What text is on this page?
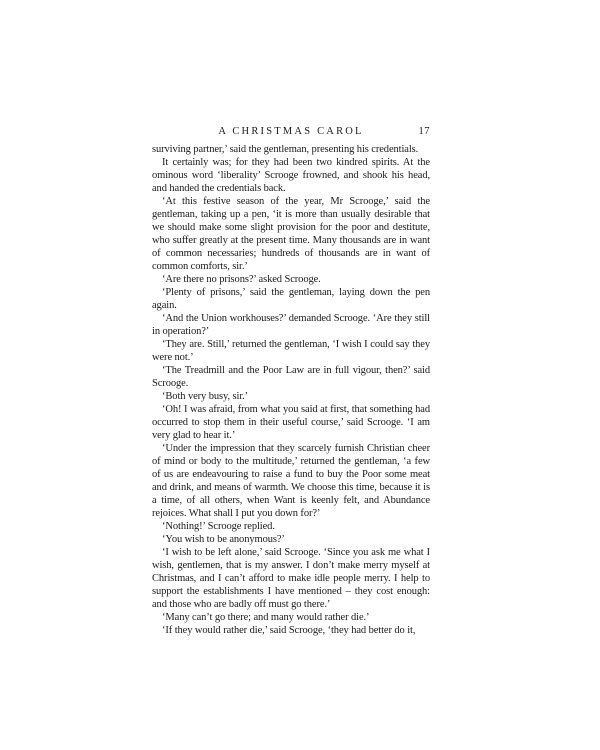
A CHRISTMAS CAROL	17

surviving partner,’ said the gentleman, presenting his credentials.

It certainly was; for they had been two kindred spirits. At the ominous word ‘liberality’ Scrooge frowned, and shook his head, and handed the credentials back.

‘At this festive season of the year, Mr Scrooge,’ said the gentleman, taking up a pen, ‘it is more than usually desirable that we should make some slight provision for the poor and destitute, who suffer greatly at the present time. Many thousands are in want of common necessaries; hundreds of thousands are in want of common comforts, sir.’

‘Are there no prisons?’ asked Scrooge.

‘Plenty of prisons,’ said the gentleman, laying down the pen again.

‘And the Union workhouses?’ demanded Scrooge. ‘Are they still in operation?’

‘They are. Still,’ returned the gentleman, ‘I wish I could say they were not.’

‘The Treadmill and the Poor Law are in full vigour, then?’ said Scrooge.

‘Both very busy, sir.’

‘Oh! I was afraid, from what you said at first, that something had occurred to stop them in their useful course,’ said Scrooge. ‘I am very glad to hear it.’

‘Under the impression that they scarcely furnish Christian cheer of mind or body to the multitude,’ returned the gentleman, ‘a few of us are endeavouring to raise a fund to buy the Poor some meat and drink, and means of warmth. We choose this time, because it is a time, of all others, when Want is keenly felt, and Abundance rejoices. What shall I put you down for?’

‘Nothing!’ Scrooge replied.

‘You wish to be anonymous?’

‘I wish to be left alone,’ said Scrooge. ‘Since you ask me what I wish, gentlemen, that is my answer. I don’t make merry myself at Christmas, and I can’t afford to make idle people merry. I help to support the establishments I have mentioned – they cost enough: and those who are badly off must go there.’

‘Many can’t go there; and many would rather die.’

‘If they would rather die,’ said Scrooge, ‘they had better do it,
